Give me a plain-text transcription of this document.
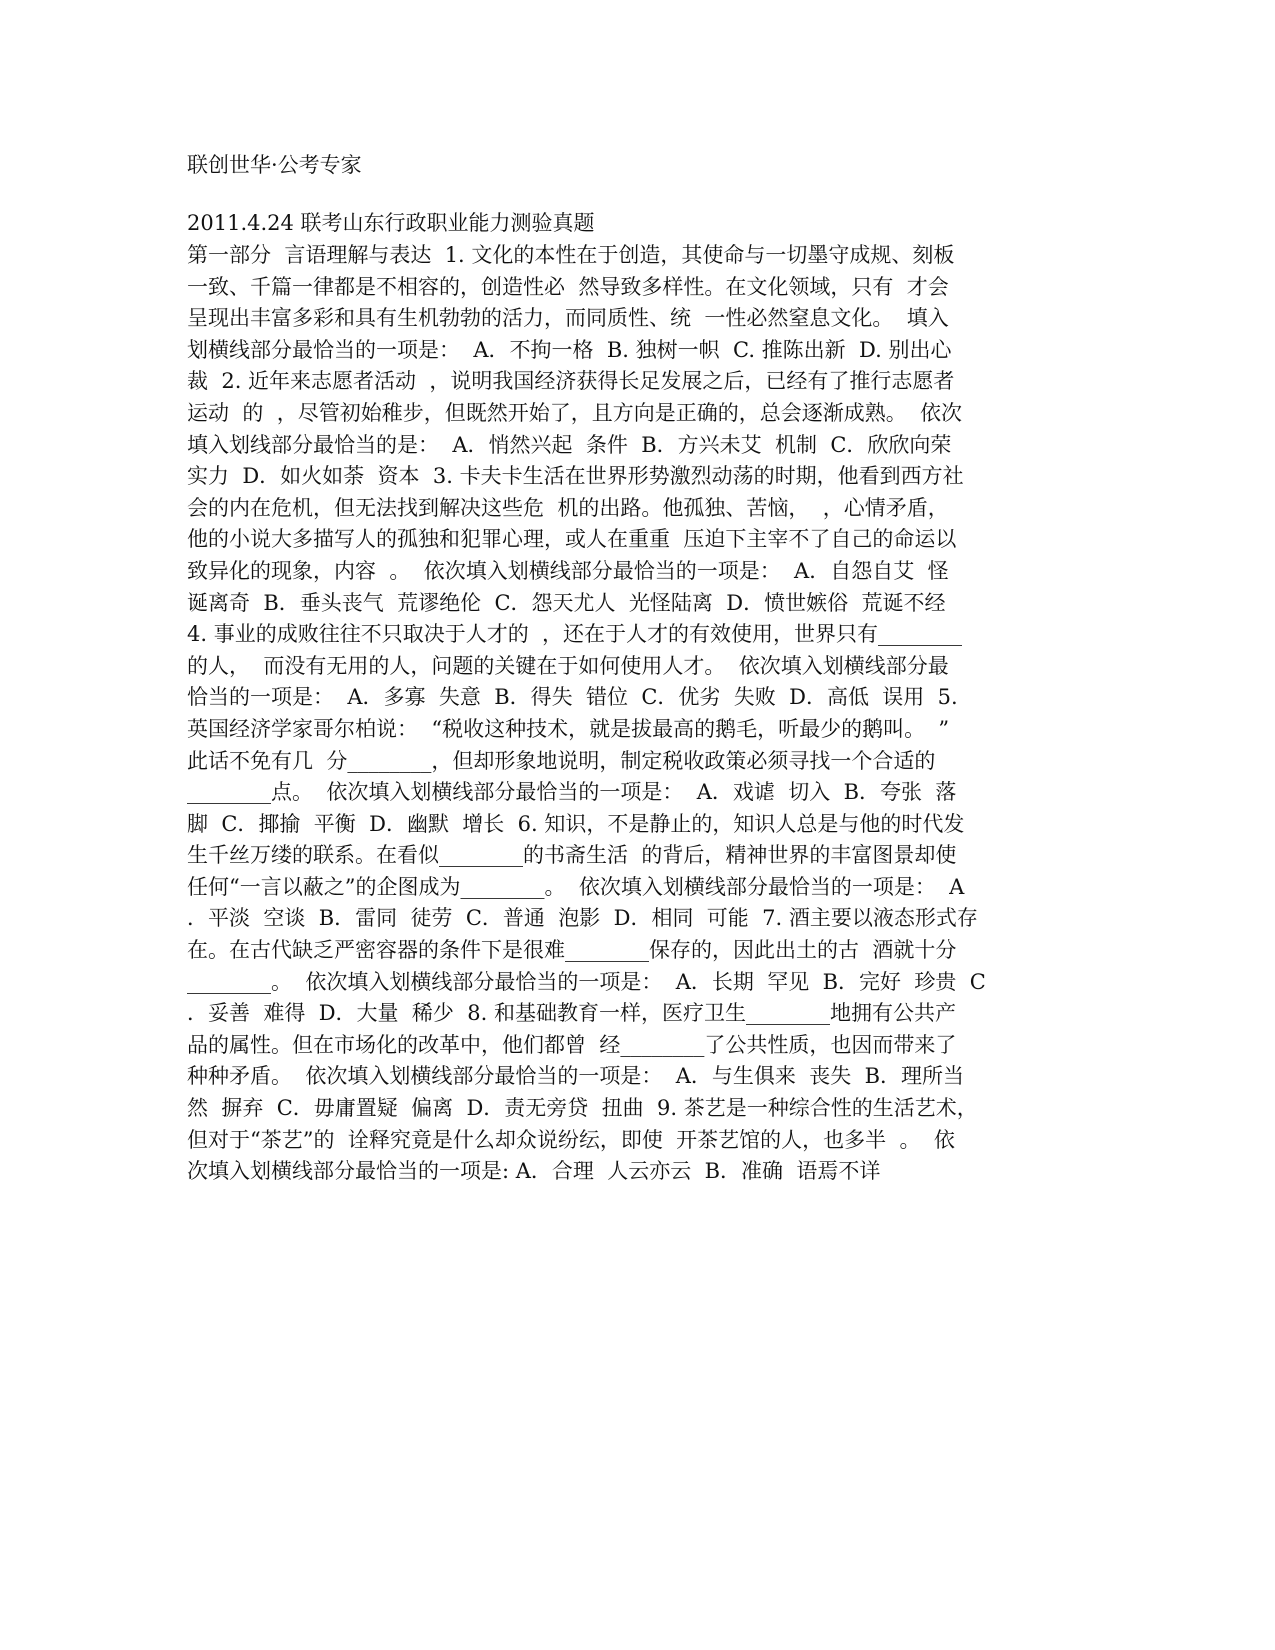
联创世华·公考专家
2011.4.24 联考山东行政职业能力测验真题
第一部分  言语理解与表达  1. 文化的本性在于创造，其使命与一切墨守成规、刻板
一致、千篇一律都是不相容的，创造性必  然导致多样性。在文化领域，只有  才会
呈现出丰富多彩和具有生机勃勃的活力，而同质性、统  一性必然窒息文化。  填入
划横线部分最恰当的一项是：  A．不拘一格  B. 独树一帜  C. 推陈出新  D. 别出心
裁  2. 近年来志愿者活动  ，说明我国经济获得长足发展之后，已经有了推行志愿者
运动  的  ，尽管初始稚步，但既然开始了，且方向是正确的，总会逐渐成熟。  依次
填入划线部分最恰当的是：  A．悄然兴起  条件  B．方兴未艾  机制  C．欣欣向荣
实力  D．如火如荼  资本  3. 卡夫卡生活在世界形势激烈动荡的时期，他看到西方社
会的内在危机，但无法找到解决这些危  机的出路。他孤独、苦恼，  ，心情矛盾，
他的小说大多描写人的孤独和犯罪心理，或人在重重  压迫下主宰不了自己的命运以
致异化的现象，内容  。  依次填入划横线部分最恰当的一项是：  A．自怨自艾  怪
诞离奇  B．垂头丧气  荒谬绝伦  C．怨天尤人  光怪陆离  D．愤世嫉俗  荒诞不经
4. 事业的成败往往不只取决于人才的  ，还在于人才的有效使用，世界只有________
的人，  而没有无用的人，问题的关键在于如何使用人才。  依次填入划横线部分最
恰当的一项是：  A．多寡  失意  B．得失  错位  C．优劣  失败  D．高低  误用  5.
英国经济学家哥尔柏说：  “税收这种技术，就是拔最高的鹅毛，听最少的鹅叫。  ”
此话不免有几  分________，但却形象地说明，制定税收政策必须寻找一个合适的
________点。  依次填入划横线部分最恰当的一项是：  A．戏谑  切入  B．夸张  落
脚  C．揶揄  平衡  D．幽默  增长  6. 知识，不是静止的，知识人总是与他的时代发
生千丝万缕的联系。在看似________的书斋生活  的背后，精神世界的丰富图景却使
任何“一言以蔽之”的企图成为________。  依次填入划横线部分最恰当的一项是：  A
．平淡  空谈  B．雷同  徒劳  C．普通  泡影  D．相同  可能  7. 酒主要以液态形式存
在。在古代缺乏严密容器的条件下是很难________保存的，因此出土的古  酒就十分
________。  依次填入划横线部分最恰当的一项是：  A．长期  罕见  B．完好  珍贵  C
．妥善  难得  D．大量  稀少  8. 和基础教育一样，医疗卫生________地拥有公共产
品的属性。但在市场化的改革中，他们都曾  经________了公共性质，也因而带来了
种种矛盾。  依次填入划横线部分最恰当的一项是：  A．与生俱来  丧失  B．理所当
然  摒弃  C．毋庸置疑  偏离  D．责无旁贷  扭曲  9. 茶艺是一种综合性的生活艺术，
但对于“茶艺”的  诠释究竟是什么却众说纷纭，即使  开茶艺馆的人，也多半  。  依
次填入划横线部分最恰当的一项是: A．合理  人云亦云  B．准确  语焉不详
